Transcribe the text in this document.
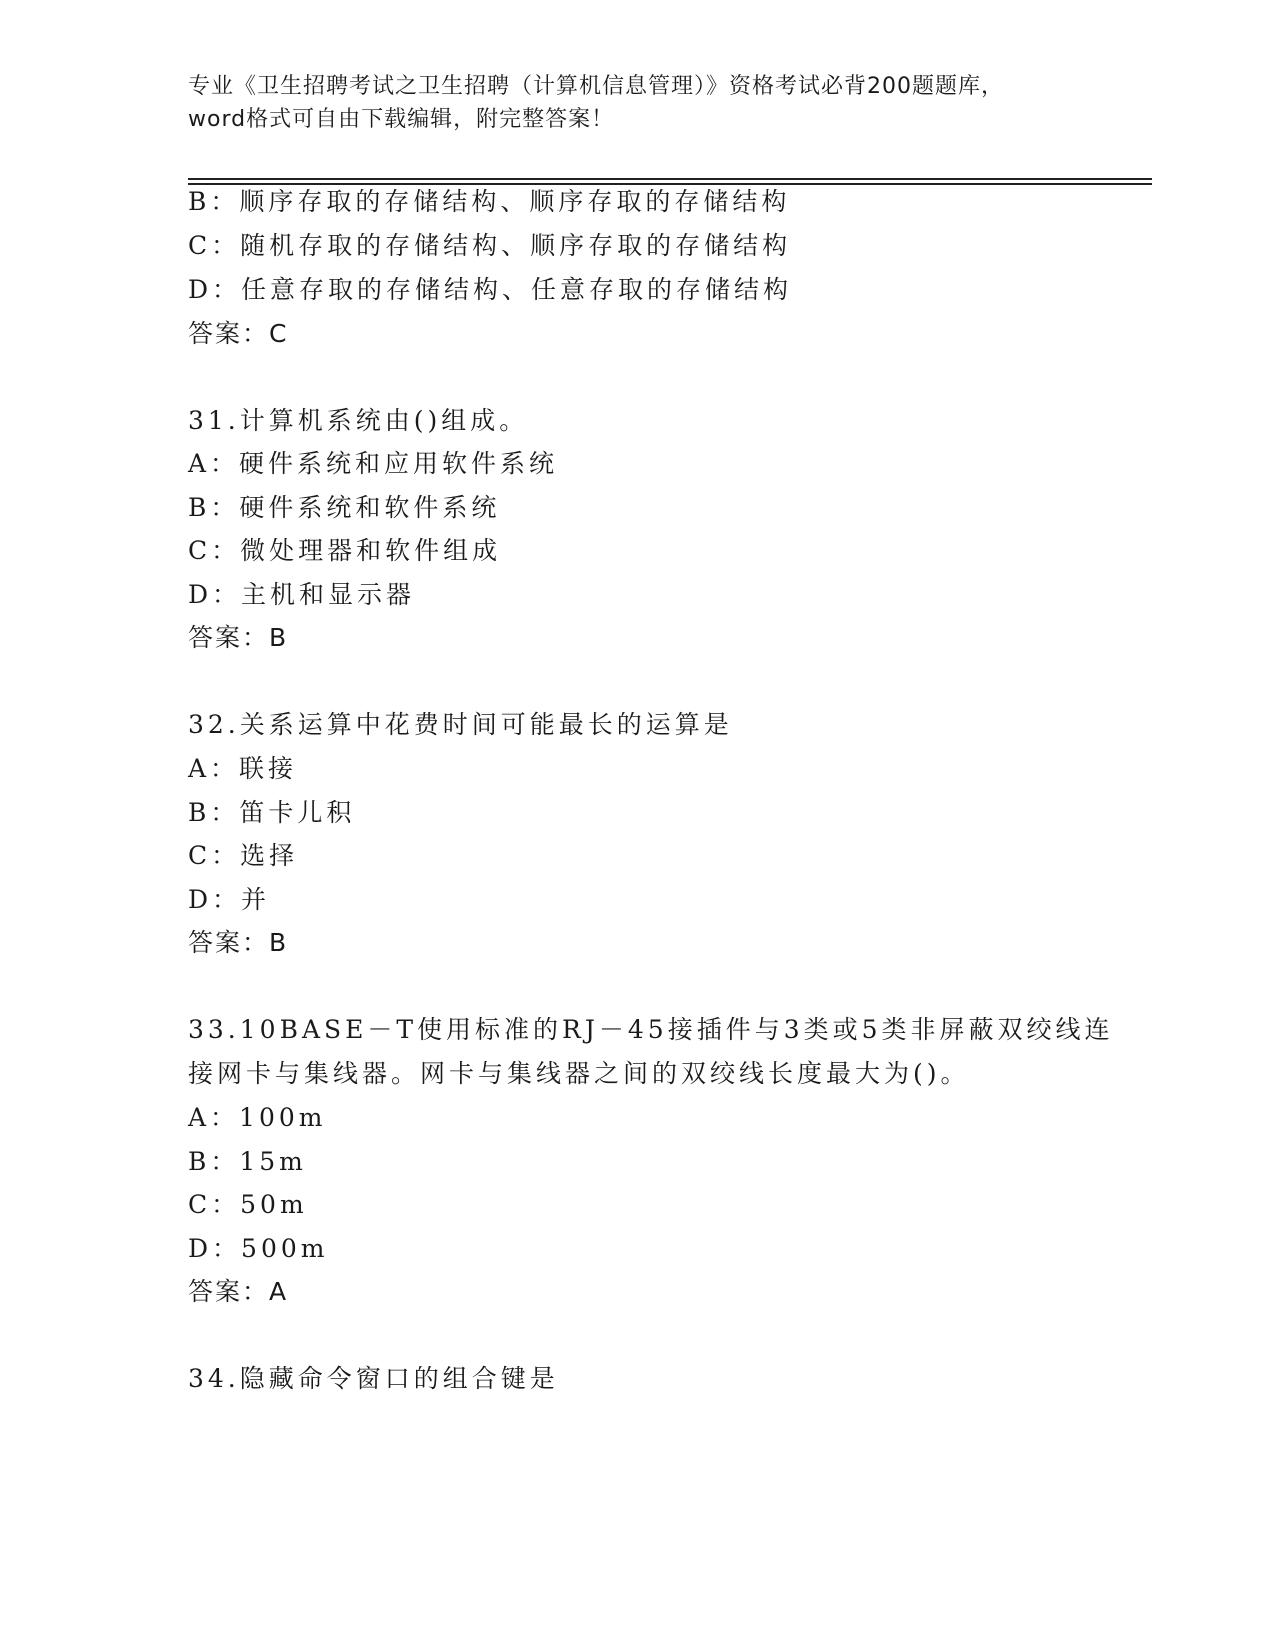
专业《卫生招聘考试之卫生招聘（计算机信息管理）》资格考试必背200题题库，
word格式可自由下载编辑，附完整答案！
B：顺序存取的存储结构、顺序存取的存储结构
C：随机存取的存储结构、顺序存取的存储结构
D：任意存取的存储结构、任意存取的存储结构
答案：C
31.计算机系统由()组成。
A：硬件系统和应用软件系统
B：硬件系统和软件系统
C：微处理器和软件组成
D：主机和显示器
答案：B
32.关系运算中花费时间可能最长的运算是
A：联接
B：笛卡儿积
C：选择
D：并
答案：B
33.10BASE－T使用标准的RJ－45接插件与3类或5类非屏蔽双绞线连
接网卡与集线器。网卡与集线器之间的双绞线长度最大为()。
A：100m
B：15m
C：50m
D：500m
答案：A
34.隐藏命令窗口的组合键是
